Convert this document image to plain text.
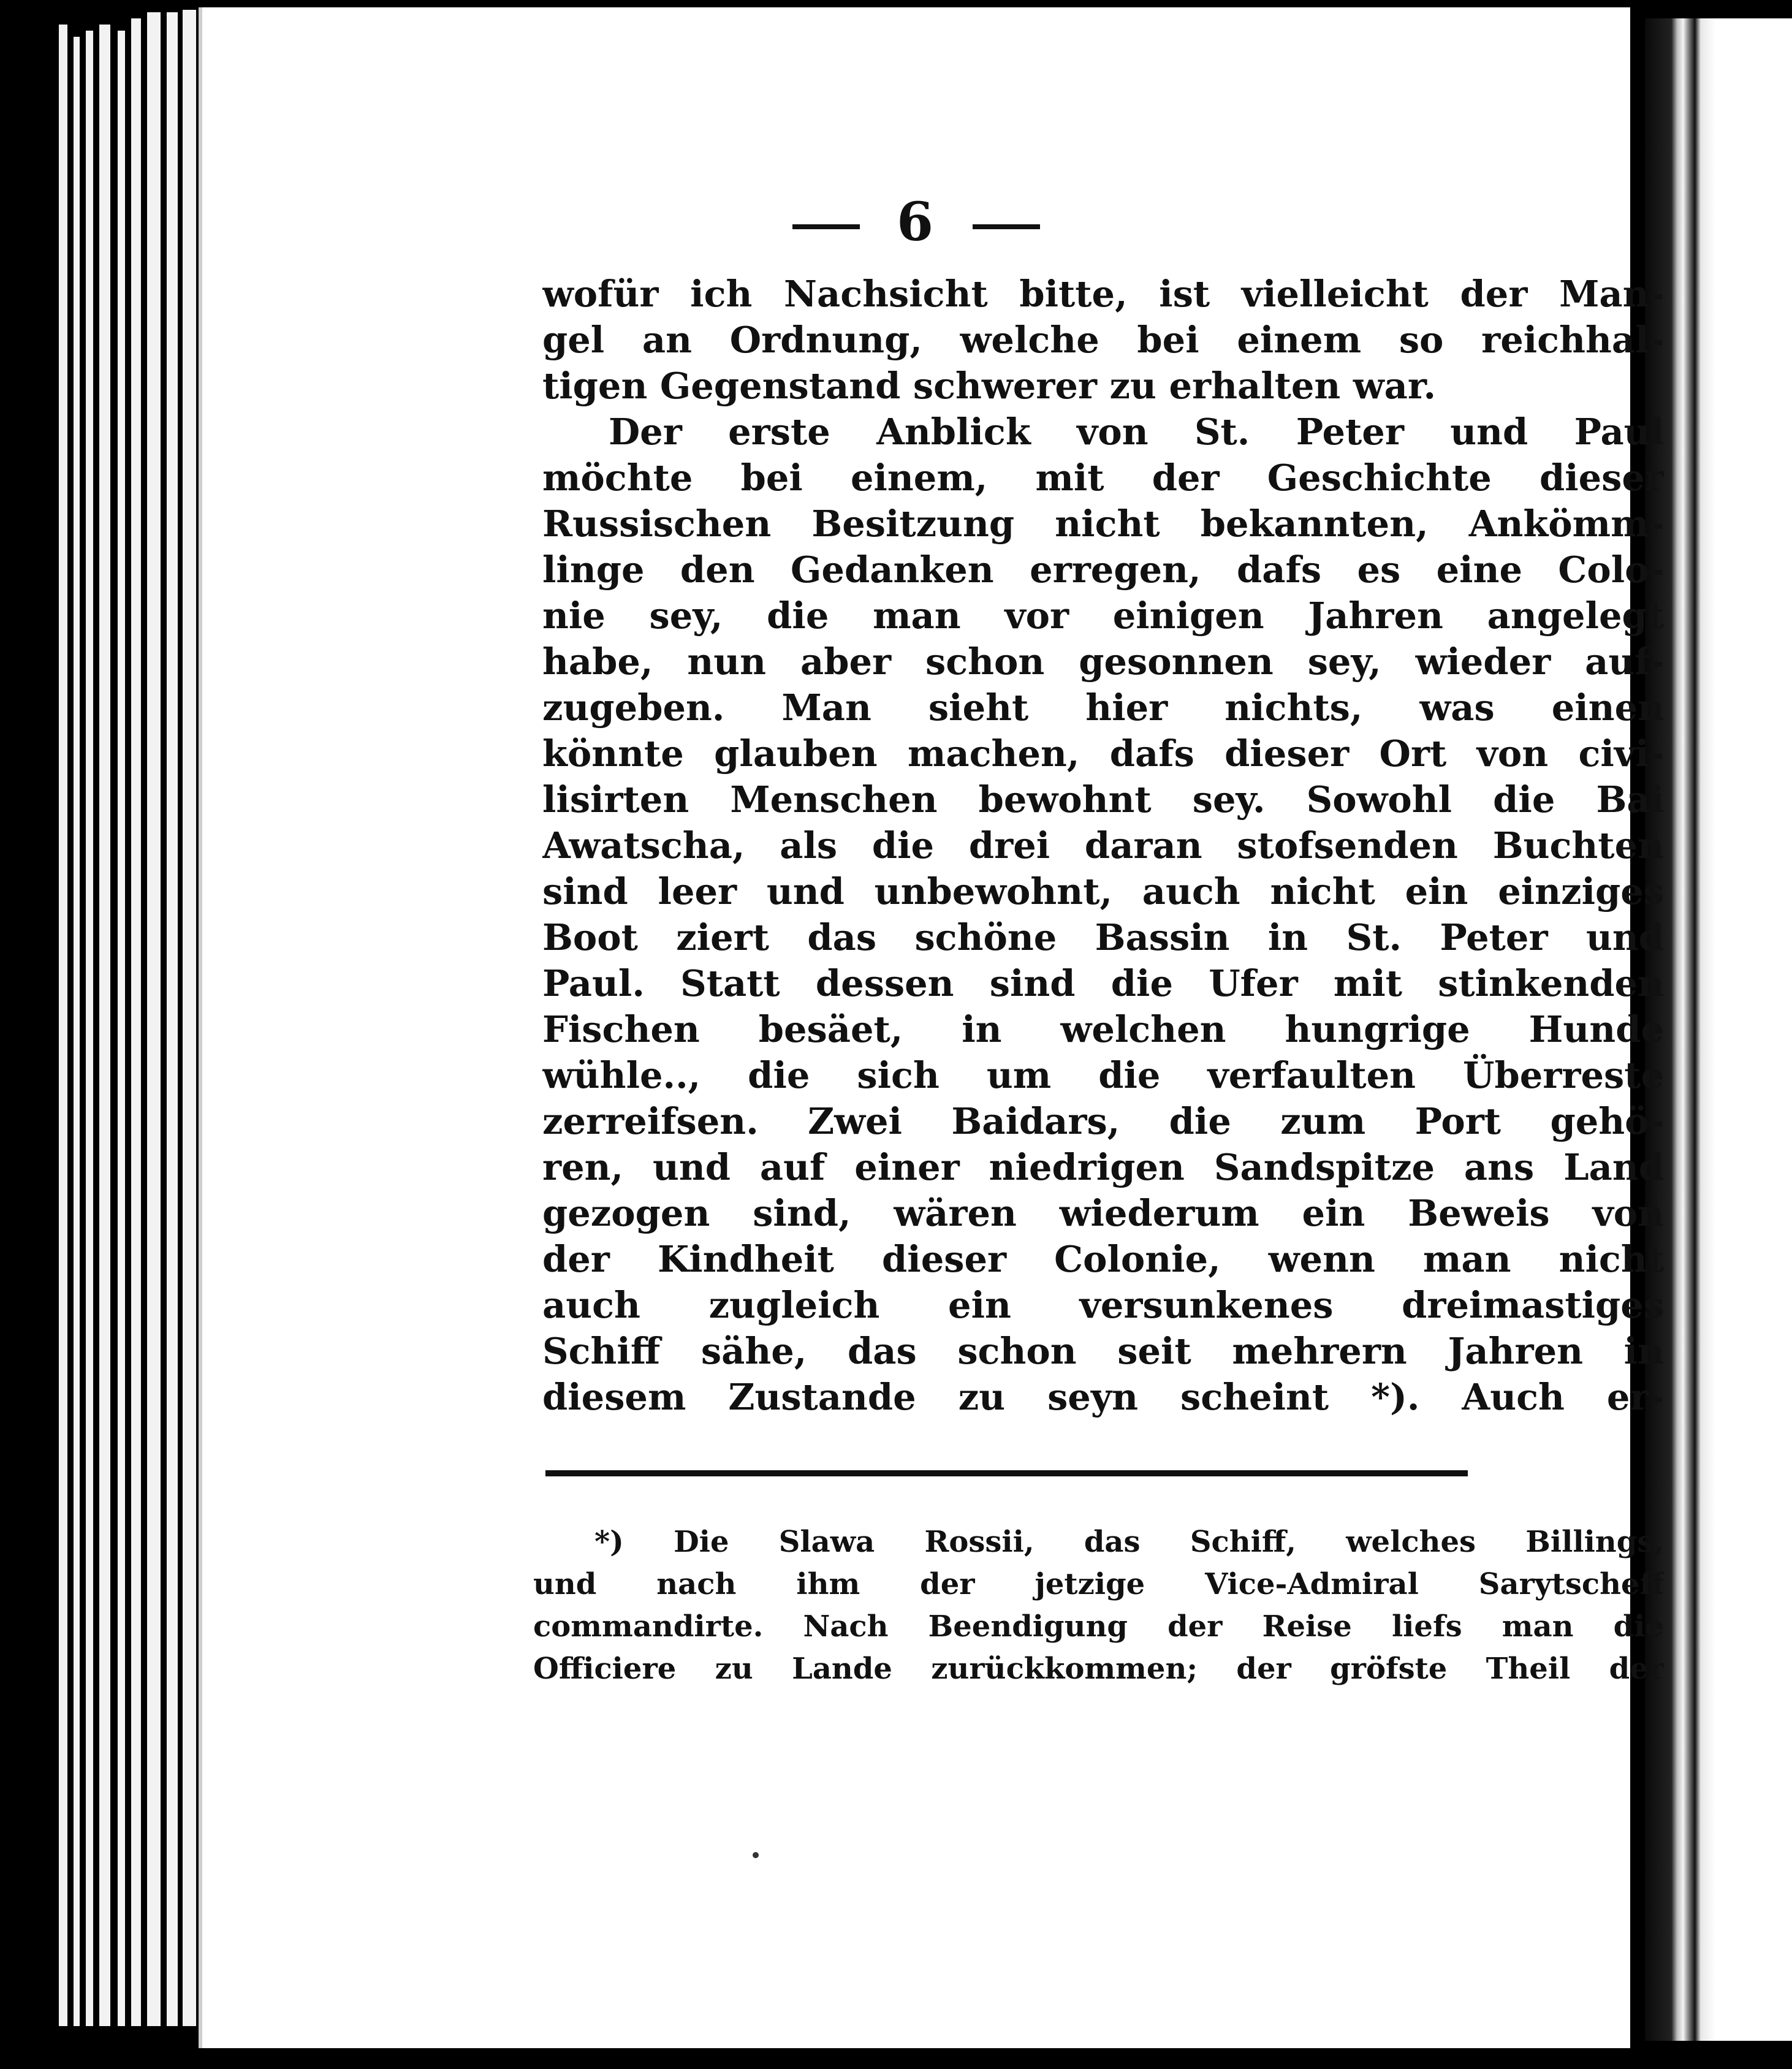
6
wofür ich Nachsicht bitte, ist vielleicht der Man-
gel an Ordnung, welche bei einem so reichhal-
tigen Gegenstand schwerer zu erhalten war.
Der erste Anblick von St. Peter und Paul
möchte bei einem, mit der Geschichte dieser
Russischen Besitzung nicht bekannten, Ankömm-
linge den Gedanken erregen, dafs es eine Colo-
nie sey, die man vor einigen Jahren angelegt
habe, nun aber schon gesonnen sey, wieder auf-
zugeben. Man sieht hier nichts, was einen
könnte glauben machen, dafs dieser Ort von civi-
lisirten Menschen bewohnt sey. Sowohl die Bai
Awatscha, als die drei daran stofsenden Buchten
sind leer und unbewohnt, auch nicht ein einziges
Boot ziert das schöne Bassin in St. Peter und
Paul. Statt dessen sind die Ufer mit stinkenden
Fischen besäet, in welchen hungrige Hunde
wühle.., die sich um die verfaulten Überreste
zerreifsen. Zwei Baidars, die zum Port gehö-
ren, und auf einer niedrigen Sandspitze ans Land
gezogen sind, wären wiederum ein Beweis von
der Kindheit dieser Colonie, wenn man nicht
auch zugleich ein versunkenes dreimastiges
Schiff sähe, das schon seit mehrern Jahren in
diesem Zustande zu seyn scheint *). Auch er-
*) Die Slawa Rossii, das Schiff, welches Billings,
und nach ihm der jetzige Vice-Admiral Sarytscheff
commandirte. Nach Beendigung der Reise liefs man die
Officiere zu Lande zurückkommen; der gröfste Theil der
